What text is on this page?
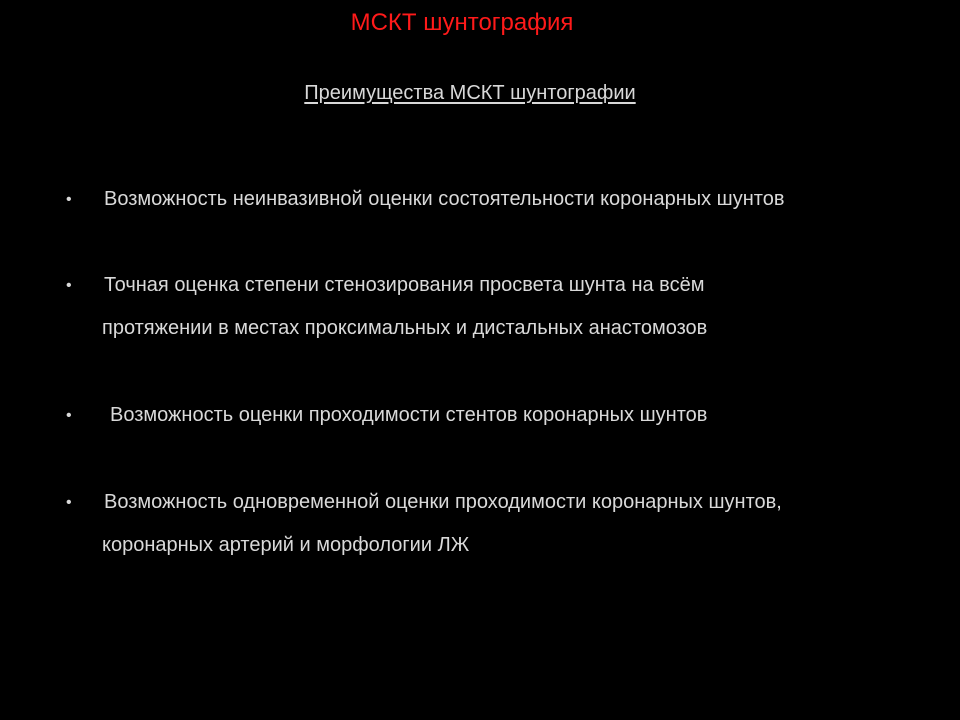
МСКТ шунтография
Преимущества МСКТ шунтографии
• Возможность неинвазивной оценки состоятельности коронарных шунтов
• Точная оценка степени стенозирования просвета шунта на всём
протяжении в местах проксимальных и дистальных анастомозов
• Возможность оценки проходимости стентов коронарных шунтов
• Возможность одновременной оценки проходимости коронарных шунтов,
коронарных артерий и морфологии ЛЖ
